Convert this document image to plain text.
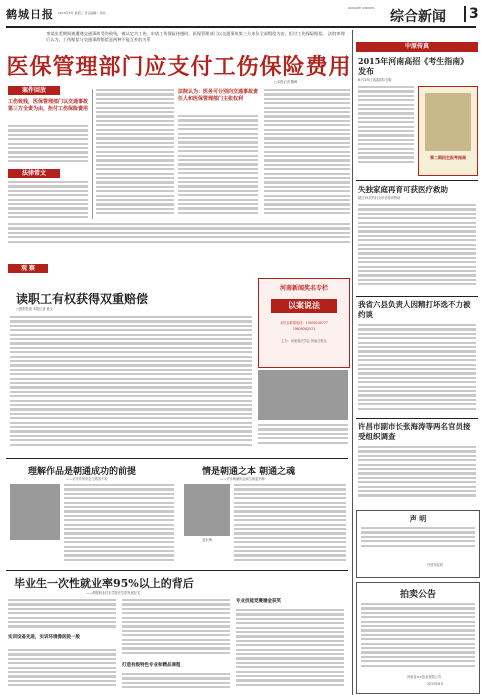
鹤城日报 2015年6月 星期三 责任编辑：李丽
ZONGHE XINWEN
综合新闻	3
李某出差期间被遭遇交通事故受伤致残，被认定为工伤，申请工伤保险待遇时，医保管理部门以交通事故第三方来负全部赔偿为由，拒付工伤保险赔偿。 法院审理后认为，工伤赔偿与交通事故赔偿是两种不能互补的关系
医保管理部门应支付工伤保险费用
□本报记者 魏峰
案件回放
工伤致残，医保管理部门以交通事故第三方全责为由，拒付工伤保险费用
法律常文
法院认为：医务可分别向交通事故责任人和医保管理部门主张权利
观 察
读职工有权获得双重赔偿
□摄影报道 本报记者 鹿文
河南新闻奖名专栏
以案说法
本栏目联系电话：13939240777
19839262571
主办：河南省法学会 河南日报社
理解作品是朝通成功的前提
——访市作家协会主席蔡子哈
情是朝通之本 朝通之魂
——访市朗诵协会副主席蓝东梅
蓝东梅
毕业生一次性就业率95%以上的背后
——鹤壁职业技术学院医学院发展纪实
实训设备先进，实训环境像医院一般
打造有级特色专业和精品课程
专业技能竞赛屡金获奖
中原传真
2015年河南高招《考生指南》发布
6月25日起陆续出版
第二期招生报考指南
失独家庭再育可获医疗救助
超过35岁的妇女申请再育特助
我省六县负责人因精打坏选不力被约谈
许昌市副市长张海涛等两名官员接受组织调查
声 明
许昌市政府
拍卖公告
河南省××拍卖有限公司
2015年6月
